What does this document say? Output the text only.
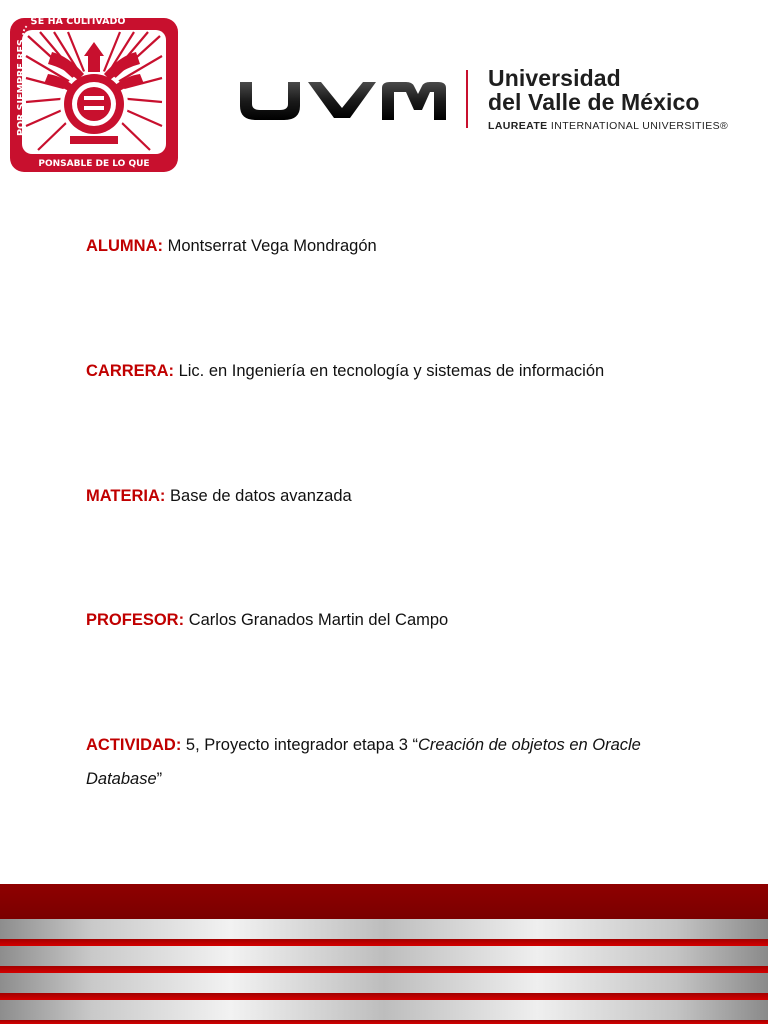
POR SIEMPRE RES ... SE HA CULTIVADO
PONSABLE DE LO QUE
Universidad
del Valle de México
LAUREATE INTERNATIONAL UNIVERSITIES®
ALUMNA: Montserrat Vega Mondragón
CARRERA: Lic. en Ingeniería en tecnología y sistemas de información
MATERIA: Base de datos avanzada
PROFESOR: Carlos Granados Martin del Campo
ACTIVIDAD: 5, Proyecto integrador etapa 3 “Creación de objetos en Oracle
Database”
